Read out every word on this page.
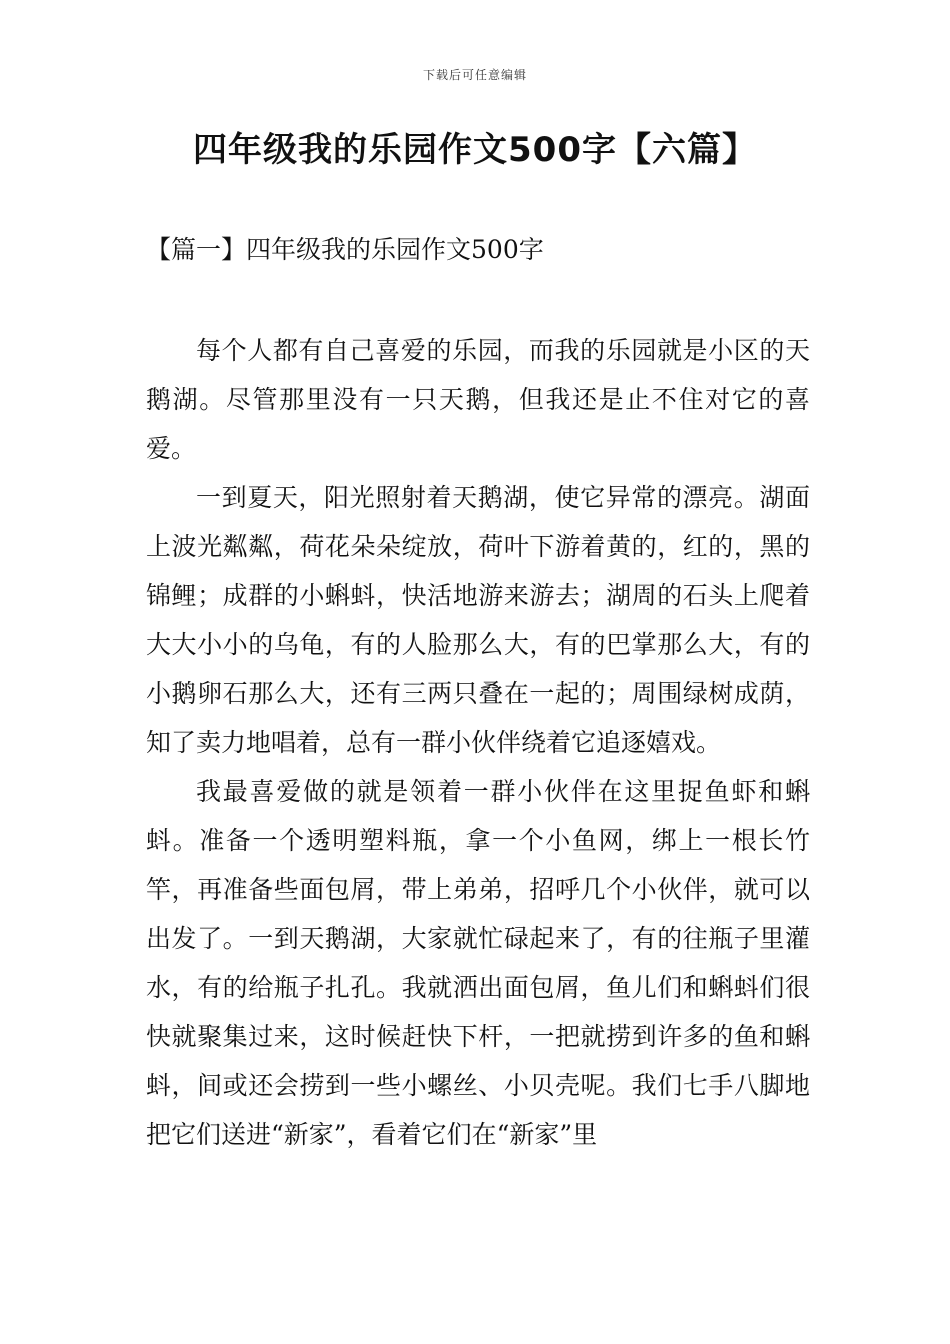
下载后可任意编辑
四年级我的乐园作文500字【六篇】
【篇一】四年级我的乐园作文500字

每个人都有自己喜爱的乐园，而我的乐园就是小区的天鹅湖。尽管那里没有一只天鹅，但我还是止不住对它的喜爱。

一到夏天，阳光照射着天鹅湖，使它异常的漂亮。湖面上波光粼粼，荷花朵朵绽放，荷叶下游着黄的，红的，黑的锦鲤；成群的小蝌蚪，快活地游来游去；湖周的石头上爬着大大小小的乌龟，有的人脸那么大，有的巴掌那么大，有的小鹅卵石那么大，还有三两只叠在一起的；周围绿树成荫，知了卖力地唱着，总有一群小伙伴绕着它追逐嬉戏。

我最喜爱做的就是领着一群小伙伴在这里捉鱼虾和蝌蚪。准备一个透明塑料瓶，拿一个小鱼网，绑上一根长竹竿，再准备些面包屑，带上弟弟，招呼几个小伙伴，就可以出发了。一到天鹅湖，大家就忙碌起来了，有的往瓶子里灌水，有的给瓶子扎孔。我就洒出面包屑，鱼儿们和蝌蚪们很快就聚集过来，这时候赶快下杆，一把就捞到许多的鱼和蝌蚪，间或还会捞到一些小螺丝、小贝壳呢。我们七手八脚地把它们送进“新家”，看着它们在“新家”里
